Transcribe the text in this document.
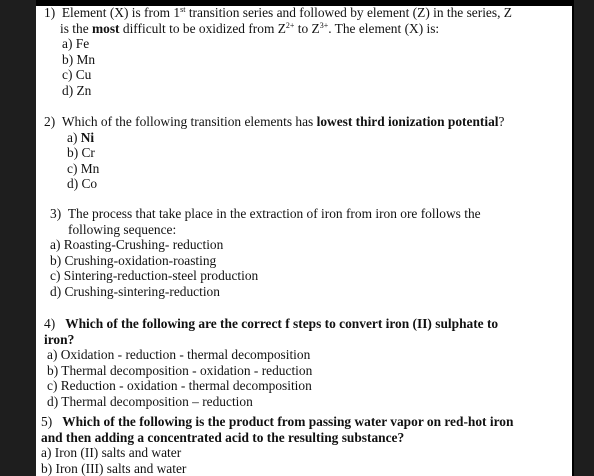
1) Element (X) is from 1st transition series and followed by element (Z) in the series, Z
is the most difficult to be oxidized from $Z^{2+}$ to $Z^{3+}$. The element (X) is:
a) Fe
b) Mn
c) Cu
d) Zn
2) Which of the following transition elements has lowest third ionization potential?
a) Ni
b) Cr
c) Mn
d) Co
3) The process that take place in the extraction of iron from iron ore follows the
following sequence:
a) Roasting-Crushing- reduction
b) Crushing-oxidation-roasting
c) Sintering-reduction-steel production
d) Crushing-sintering-reduction
4) Which of the following are the correct f steps to convert iron (II) sulphate to
iron?
a) Oxidation - reduction - thermal decomposition
b) Thermal decomposition - oxidation - reduction
c) Reduction - oxidation - thermal decomposition
d) Thermal decomposition – reduction
5) Which of the following is the product from passing water vapor on red-hot iron
and then adding a concentrated acid to the resulting substance?
a) Iron (II) salts and water
b) Iron (III) salts and water
